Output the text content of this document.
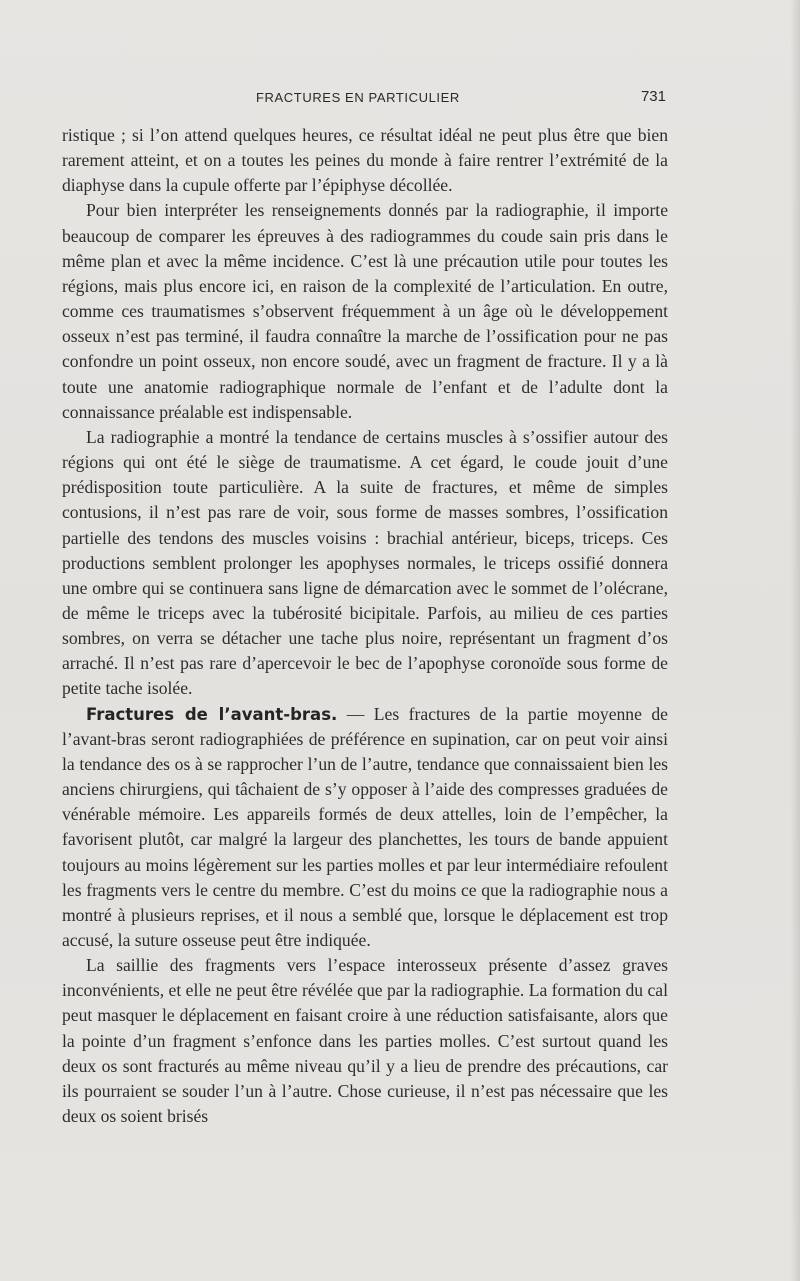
FRACTURES EN PARTICULIER	731

ristique ; si l’on attend quelques heures, ce résultat idéal ne peut plus être que bien rarement atteint, et on a toutes les peines du monde à faire rentrer l’extrémité de la diaphyse dans la cupule offerte par l’épiphyse décollée.

Pour bien interpréter les renseignements donnés par la radiographie, il importe beaucoup de comparer les épreuves à des radiogrammes du coude sain pris dans le même plan et avec la même incidence. C’est là une précaution utile pour toutes les régions, mais plus encore ici, en raison de la complexité de l’articulation. En outre, comme ces traumatismes s’observent fréquemment à un âge où le développement osseux n’est pas terminé, il faudra connaître la marche de l’ossification pour ne pas confondre un point osseux, non encore soudé, avec un fragment de fracture. Il y a là toute une anatomie radiographique normale de l’enfant et de l’adulte dont la connaissance préalable est indispensable.

La radiographie a montré la tendance de certains muscles à s’ossifier autour des régions qui ont été le siège de traumatisme. A cet égard, le coude jouit d’une prédisposition toute particulière. A la suite de fractures, et même de simples contusions, il n’est pas rare de voir, sous forme de masses sombres, l’ossification partielle des tendons des muscles voisins : brachial antérieur, biceps, triceps. Ces productions semblent prolonger les apophyses normales, le triceps ossifié donnera une ombre qui se continuera sans ligne de démarcation avec le sommet de l’olécrane, de même le triceps avec la tubérosité bicipitale. Parfois, au milieu de ces parties sombres, on verra se détacher une tache plus noire, représentant un fragment d’os arraché. Il n’est pas rare d’apercevoir le bec de l’apophyse coronoïde sous forme de petite tache isolée.

Fractures de l’avant-bras. — Les fractures de la partie moyenne de l’avant-bras seront radiographiées de préférence en supination, car on peut voir ainsi la tendance des os à se rapprocher l’un de l’autre, tendance que connaissaient bien les anciens chirurgiens, qui tâchaient de s’y opposer à l’aide des compresses graduées de vénérable mémoire. Les appareils formés de deux attelles, loin de l’empêcher, la favorisent plutôt, car malgré la largeur des planchettes, les tours de bande appuient toujours au moins légèrement sur les parties molles et par leur intermédiaire refoulent les fragments vers le centre du membre. C’est du moins ce que la radiographie nous a montré à plusieurs reprises, et il nous a semblé que, lorsque le déplacement est trop accusé, la suture osseuse peut être indiquée.

La saillie des fragments vers l’espace interosseux présente d’assez graves inconvénients, et elle ne peut être révélée que par la radiographie. La formation du cal peut masquer le déplacement en faisant croire à une réduction satisfaisante, alors que la pointe d’un fragment s’enfonce dans les parties molles. C’est surtout quand les deux os sont fracturés au même niveau qu’il y a lieu de prendre des précautions, car ils pourraient se souder l’un à l’autre. Chose curieuse, il n’est pas nécessaire que les deux os soient brisés
